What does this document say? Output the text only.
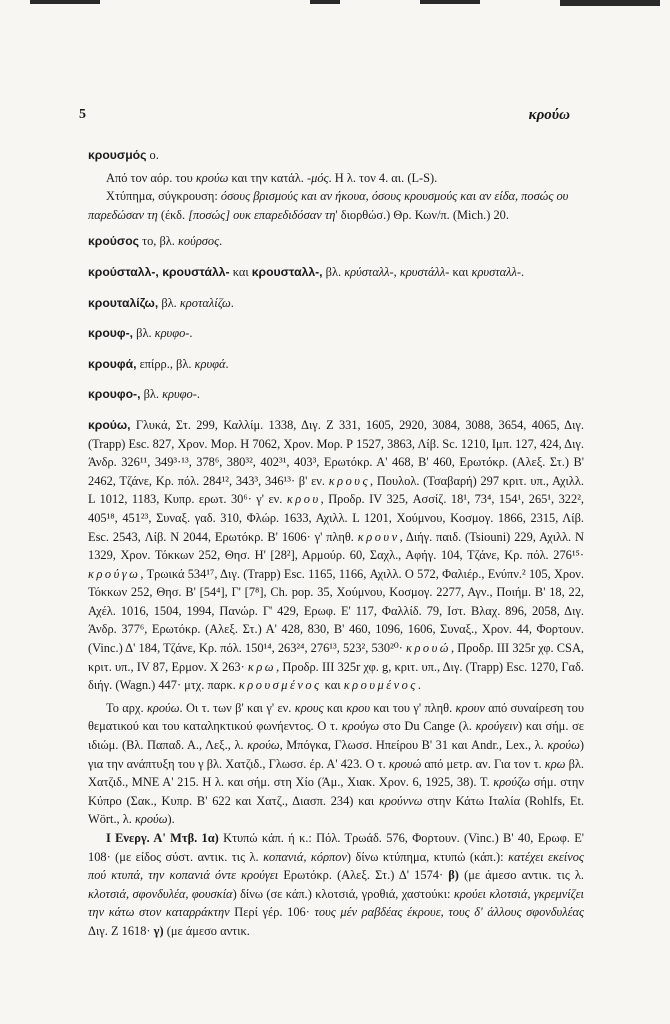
5	κρούω

κρουσμός ο.

Από τον αόρ. του κρούω και την κατάλ. -μός. Η λ. τον 4. αι. (L-S).

Χτύπημα, σύγκρουση: όσους βρισμούς και αν ήκουα, όσους κρουσμούς και αν είδα, ποσώς ου παρεδώσαν τη (έκδ. [ποσώς] ουκ επαρεδιδόσαν τη' διορθώσ.) Θρ. Κων/π. (Mich.) 20.

κρούσος το, βλ. κούρσος.

κρούσταλλ-, κρουστάλλ- και κρουσταλλ-, βλ. κρύσταλλ-, κρυστάλλ- και κρυσταλλ-.

κρουταλίζω, βλ. κροταλίζω.

κρουφ-, βλ. κρυφο-.

κρουφά, επίρρ., βλ. κρυφά.

κρουφο-, βλ. κρυφο-.

κρούω, Γλυκά, Στ. 299, Καλλίμ. 1338, Διγ. Ζ 331, 1605, 2920, 3084, 3088, 3654, 4065, Διγ. (Trapp) Esc. 827, Χρον. Μορ. Η 7062, Χρον. Μορ. Ρ 1527, 3863, Λίβ. Sc. 1210, Ιμπ. 127, 424, Διγ. Άνδρ. 326¹¹, 349³·¹³, 378⁶, 380³², 402³¹, 403³, Ερωτόκρ. Α' 468, Β' 460, Ερωτόκρ. (Αλεξ. Στ.) Β' 2462, Τζάνε, Κρ. πόλ. 284¹², 343³, 346¹³· β' εν. κρους, Πουλολ. (Τσαβαρή) 297 κριτ. υπ., Αχιλλ. L 1012, 1183, Κυπρ. ερωτ. 30⁶· γ' εν. κρου, Προδρ. IV 325, Ασσίζ. 18¹, 73⁴, 154¹, 265¹, 322², 405¹⁸, 451²³, Συναξ. γαδ. 310, Φλώρ. 1633, Αχιλλ. L 1201, Χούμνου, Κοσμογ. 1866, 2315, Λίβ. Esc. 2543, Λίβ. N 2044, Ερωτόκρ. Β' 1606· γ' πληθ. κρουν, Διήγ. παιδ. (Tsiouni) 229, Αχιλλ. N 1329, Χρον. Τόκκων 252, Θησ. Η' [28²], Αρμούρ. 60, Σαχλ., Αφήγ. 104, Τζάνε, Κρ. πόλ. 276¹⁵· κρούγω, Τρωικά 534¹⁷, Διγ. (Trapp) Esc. 1165, 1166, Αχιλλ. Ο 572, Φαλιέρ., Ενύπν.² 105, Χρον. Τόκκων 252, Θησ. Β' [54⁴], Γ' [7⁸], Ch. pop. 35, Χούμνου, Κοσμογ. 2277, Αγν., Ποιήμ. Β' 18, 22, Αχέλ. 1016, 1504, 1994, Πανώρ. Γ' 429, Ερωφ. Ε' 117, Φαλλίδ. 79, Ιστ. Βλαχ. 896, 2058, Διγ. Άνδρ. 377⁶, Ερωτόκρ. (Αλεξ. Στ.) Α' 428, 830, Β' 460, 1096, 1606, Συναξ., Χρον. 44, Φορτουν. (Vinc.) Δ' 184, Τζάνε, Κρ. πόλ. 150¹⁴, 263²⁴, 276¹³, 523², 530²⁰· κρουώ, Προδρ. III 325r χφ. CSA, κριτ. υπ., IV 87, Ερμον. Χ 263· κρω, Προδρ. III 325r χφ. g, κριτ. υπ., Διγ. (Trapp) Esc. 1270, Γαδ. διήγ. (Wagn.) 447· μτχ. παρκ. κρουσμένος και κρουμένος.

Το αρχ. κρούω. Οι τ. των β' και γ' εν. κρους και κρου και του γ' πληθ. κρουν από συναίρεση του θεματικού και του καταληκτικού φωνήεντος. Ο τ. κρούγω στο Du Cange (λ. κρούγειν) και σήμ. σε ιδιώμ. (Βλ. Παπαδ. Α., Λεξ., λ. κρούω, Μπόγκα, Γλωσσ. Ηπείρου Β' 31 και Andr., Lex., λ. κρούω) για την ανάπτυξη του γ βλ. Χατζιδ., Γλωσσ. έρ. Α' 423. Ο τ. κρουώ από μετρ. αν. Για τον τ. κρω βλ. Χατζιδ., ΜΝΕ Α' 215. Η λ. και σήμ. στη Χίο (Άμ., Χιακ. Χρον. 6, 1925, 38). Τ. κρούζω σήμ. στην Κύπρο (Σακ., Κυπρ. Β' 622 και Χατζ., Διασπ. 234) και κρούννω στην Κάτω Ιταλία (Rohlfs, Et. Wört., λ. κρούω).

Ι Ενεργ. Α' Μτβ. 1α) Κτυπώ κάπ. ή κ.: Πόλ. Τρωάδ. 576, Φορτουν. (Vinc.) Β' 40, Ερωφ. Ε' 108· (με είδος σύστ. αντικ. τις λ. κοπανιά, κόρπον) δίνω κτύπημα, κτυπώ (κάπ.): κατέχει εκείνος πού κτυπά, την κοπανιά όντε κρούγει Ερωτόκρ. (Αλεξ. Στ.) Δ' 1574· β) (με άμεσο αντικ. τις λ. κλοτσιά, σφονδυλέα, φουσκία) δίνω (σε κάπ.) κλοτσιά, γροθιά, χαστούκι: κρούει κλοτσιά, γκρεμνίζει την κάτω στον καταρράκτην Περί γέρ. 106· τους μέν ραβδέας έκρουε, τους δ' άλλους σφονδυλέας Διγ. Ζ 1618· γ) (με άμεσο αντικ.
